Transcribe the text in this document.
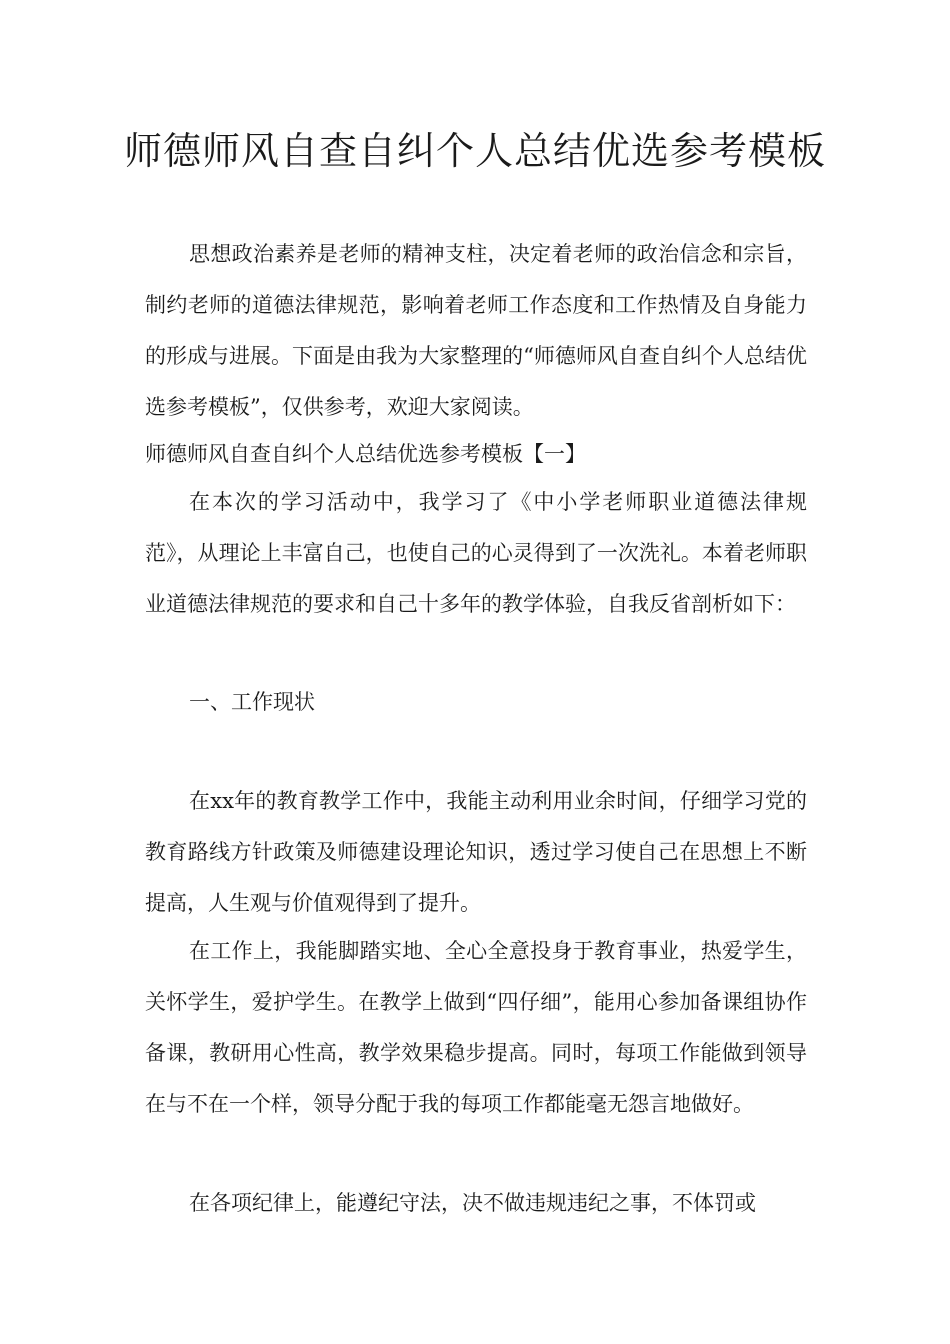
师德师风自查自纠个人总结优选参考模板

思想政治素养是老师的精神支柱，决定着老师的政治信念和宗旨，制约老师的道德法律规范，影响着老师工作态度和工作热情及自身能力的形成与进展。下面是由我为大家整理的“师德师风自查自纠个人总结优选参考模板”，仅供参考，欢迎大家阅读。

师德师风自查自纠个人总结优选参考模板【一】

在本次的学习活动中，我学习了《中小学老师职业道德法律规范》，从理论上丰富自己，也使自己的心灵得到了一次洗礼。本着老师职业道德法律规范的要求和自己十多年的教学体验，自我反省剖析如下：

一、工作现状

在xx年的教育教学工作中，我能主动利用业余时间，仔细学习党的教育路线方针政策及师德建设理论知识，透过学习使自己在思想上不断提高，人生观与价值观得到了提升。

在工作上，我能脚踏实地、全心全意投身于教育事业，热爱学生，关怀学生，爱护学生。在教学上做到“四仔细”，能用心参加备课组协作备课，教研用心性高，教学效果稳步提高。同时，每项工作能做到领导在与不在一个样，领导分配于我的每项工作都能毫无怨言地做好。

在各项纪律上，能遵纪守法，决不做违规违纪之事，不体罚或
